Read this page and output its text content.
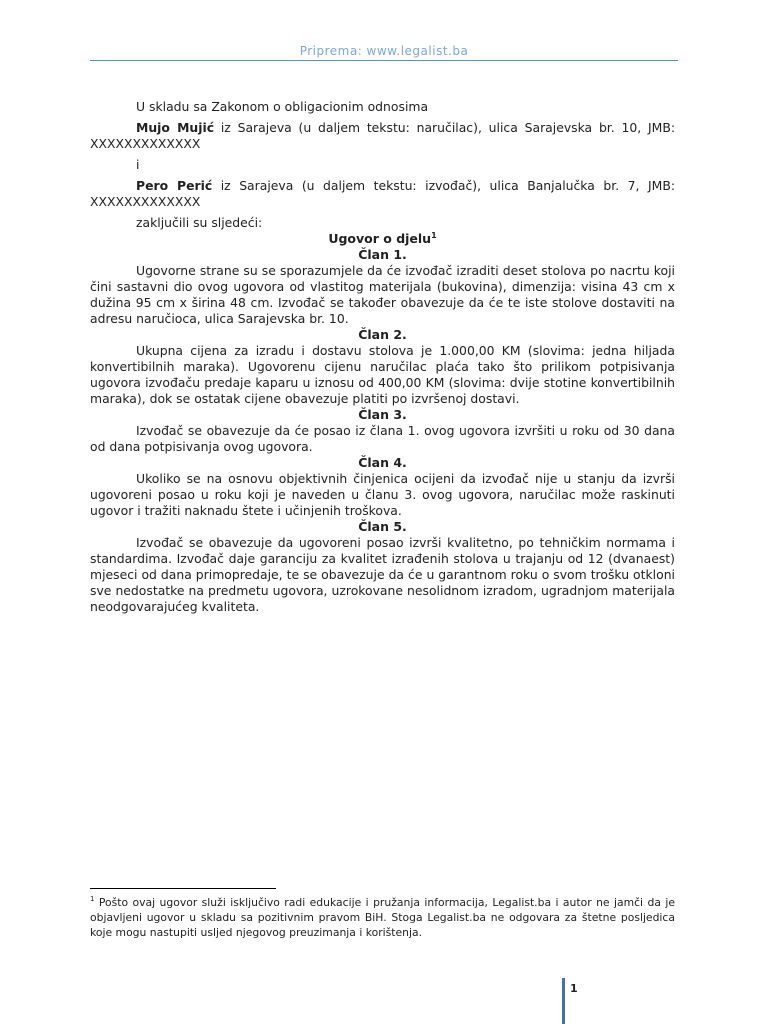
Priprema: www.legalist.ba

U skladu sa Zakonom o obligacionim odnosima

Mujo Mujić iz Sarajeva (u daljem tekstu: naručilac), ulica Sarajevska br. 10, JMB: XXXXXXXXXXXXX

i

Pero Perić iz Sarajeva (u daljem tekstu: izvođač), ulica Banjalučka br. 7, JMB: XXXXXXXXXXXXX

zaključili su sljedeći:

Ugovor o djelu$^1$

Član 1.

Ugovorne strane su se sporazumjele da će izvođač izraditi deset stolova po nacrtu koji čini sastavni dio ovog ugovora od vlastitog materijala (bukovina), dimenzija: visina 43 cm x dužina 95 cm x širina 48 cm. Izvođač se također obavezuje da će te iste stolove dostaviti na adresu naručioca, ulica Sarajevska br. 10.

Član 2.

Ukupna cijena za izradu i dostavu stolova je 1.000,00 KM (slovima: jedna hiljada konvertibilnih maraka). Ugovorenu cijenu naručilac plaća tako što prilikom potpisivanja ugovora izvođaču predaje kaparu u iznosu od 400,00 KM (slovima: dvije stotine konvertibilnih maraka), dok se ostatak cijene obavezuje platiti po izvršenoj dostavi.

Član 3.

Izvođač se obavezuje da će posao iz člana 1. ovog ugovora izvršiti u roku od 30 dana od dana potpisivanja ovog ugovora.

Član 4.

Ukoliko se na osnovu objektivnih činjenica ocijeni da izvođač nije u stanju da izvrši ugovoreni posao u roku koji je naveden u članu 3. ovog ugovora, naručilac može raskinuti ugovor i tražiti naknadu štete i učinjenih troškova.

Član 5.

Izvođač se obavezuje da ugovoreni posao izvrši kvalitetno, po tehničkim normama i standardima. Izvođač daje garanciju za kvalitet izrađenih stolova u trajanju od 12 (dvanaest) mjeseci od dana primopredaje, te se obavezuje da će u garantnom roku o svom trošku otkloni sve nedostatke na predmetu ugovora, uzrokovane nesolidnom izradom, ugradnjom materijala neodgovarajućeg kvaliteta.

$^1$ Pošto ovaj ugovor služi isključivo radi edukacije i pružanja informacija, Legalist.ba i autor ne jamči da je objavljeni ugovor u skladu sa pozitivnim pravom BiH. Stoga Legalist.ba ne odgovara za štetne posljedica koje mogu nastupiti usljed njegovog preuzimanja i korištenja.
1
